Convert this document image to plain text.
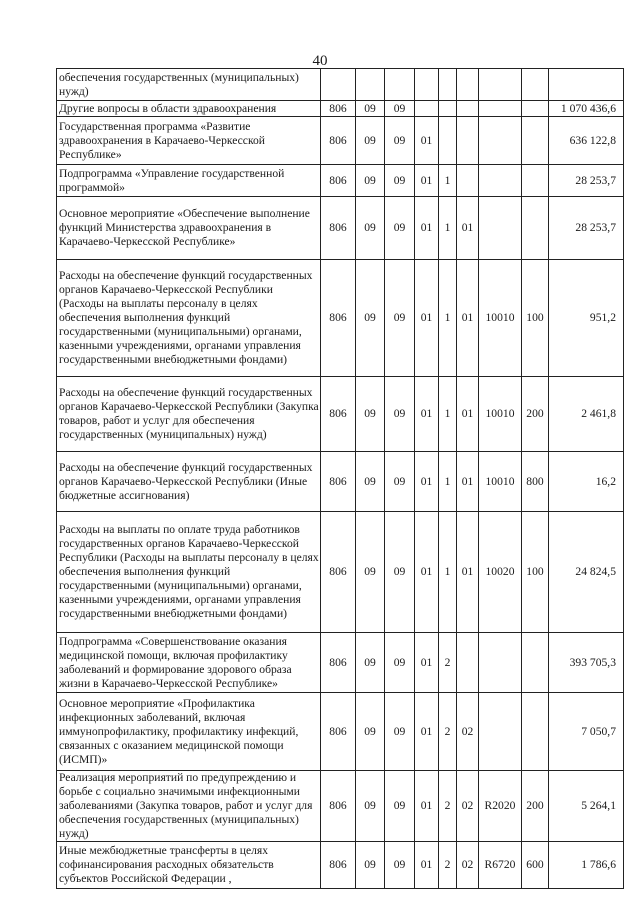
40
обеспечения государственных (муниципальных) нужд)									
Другие вопросы в области здравоохранения	806	09	09						1 070 436,6
Государственная программа «Развитие здравоохранения в Карачаево-Черкесской Республике»	806	09	09	01					636 122,8
Подпрограмма «Управление государственной программой»	806	09	09	01	1				28 253,7
Основное мероприятие «Обеспечение выполнение функций Министерства здравоохранения в Карачаево-Черкесской Республике»	806	09	09	01	1	01			28 253,7
Расходы на обеспечение функций государственных органов Карачаево-Черкесской Республики (Расходы на выплаты персоналу в целях обеспечения выполнения функций государственными (муниципальными) органами, казенными учреждениями, органами управления государственными внебюджетными фондами)	806	09	09	01	1	01	10010	100	951,2
Расходы на обеспечение функций государственных органов Карачаево-Черкесской Республики (Закупка товаров, работ и услуг для обеспечения государственных (муниципальных) нужд)	806	09	09	01	1	01	10010	200	2 461,8
Расходы на обеспечение функций государственных органов Карачаево-Черкесской Республики (Иные бюджетные ассигнования)	806	09	09	01	1	01	10010	800	16,2
Расходы на выплаты по оплате труда работников государственных органов Карачаево-Черкесской Республики (Расходы на выплаты персоналу в целях обеспечения выполнения функций государственными (муниципальными) органами, казенными учреждениями, органами управления государственными внебюджетными фондами)	806	09	09	01	1	01	10020	100	24 824,5
Подпрограмма «Совершенствование оказания медицинской помощи, включая профилактику заболеваний и формирование здорового образа жизни в Карачаево-Черкесской Республике»	806	09	09	01	2				393 705,3
Основное мероприятие «Профилактика инфекционных заболеваний, включая иммунопрофилактику, профилактику инфекций, связанных с оказанием медицинской помощи (ИСМП)»	806	09	09	01	2	02			7 050,7
Реализация мероприятий по предупреждению и борьбе с социально значимыми инфекционными заболеваниями (Закупка товаров, работ и услуг для обеспечения государственных (муниципальных) нужд)	806	09	09	01	2	02	R2020	200	5 264,1
Иные межбюджетные трансферты в целях софинансирования расходных обязательств субъектов Российской Федерации ,	806	09	09	01	2	02	R6720	600	1 786,6
